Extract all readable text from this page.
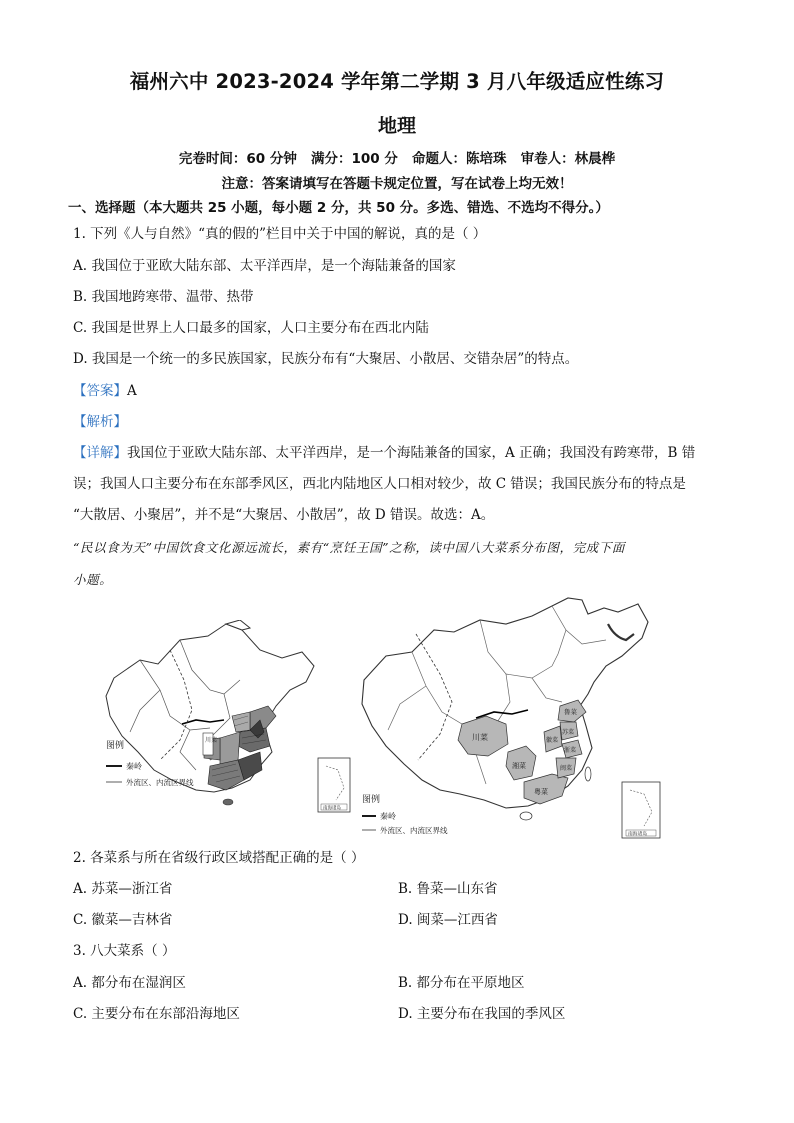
福州六中 2023-2024 学年第二学期 3 月八年级适应性练习
地理
完卷时间：60 分钟   满分：100 分   命题人：陈培珠   审卷人：林晨桦
注意：答案请填写在答题卡规定位置，写在试卷上均无效！
一、选择题（本大题共 25 小题，每小题 2 分，共 50 分。多选、错选、不选均不得分。）
1. 下列《人与自然》“真的假的”栏目中关于中国的解说，真的是（ ）
A. 我国位于亚欧大陆东部、太平洋西岸，是一个海陆兼备的国家
B. 我国地跨寒带、温带、热带
C. 我国是世界上人口最多的国家，人口主要分布在西北内陆
D. 我国是一个统一的多民族国家，民族分布有“大聚居、小散居、交错杂居”的特点。
【答案】A
【解析】
【详解】我国位于亚欧大陆东部、太平洋西岸，是一个海陆兼备的国家，A 正确；我国没有跨寒带，B 错
误；我国人口主要分布在东部季风区，西北内陆地区人口相对较少，故 C 错误；我国民族分布的特点是
“大散居、小聚居”，并不是“大聚居、小散居”，故 D 错误。故选：A。
“民以食为天”中国饮食文化源远流长，素有“烹饪王国”之称，读中国八大菜系分布图，完成下面
小题。
川菜
图例
秦岭
外流区、内流区界线
南海诸岛
川菜
湘菜
粤菜
鲁菜
苏菜
徽菜
浙菜
闽菜
图例
秦岭
外流区、内流区界线	南海诸岛
2. 各菜系与所在省级行政区域搭配正确的是（ ）
A. 苏菜—浙江省	B. 鲁菜—山东省
C. 徽菜—吉林省	D. 闽菜—江西省
3. 八大菜系（ ）
A. 都分布在湿润区	B. 都分布在平原地区
C. 主要分布在东部沿海地区	D. 主要分布在我国的季风区
